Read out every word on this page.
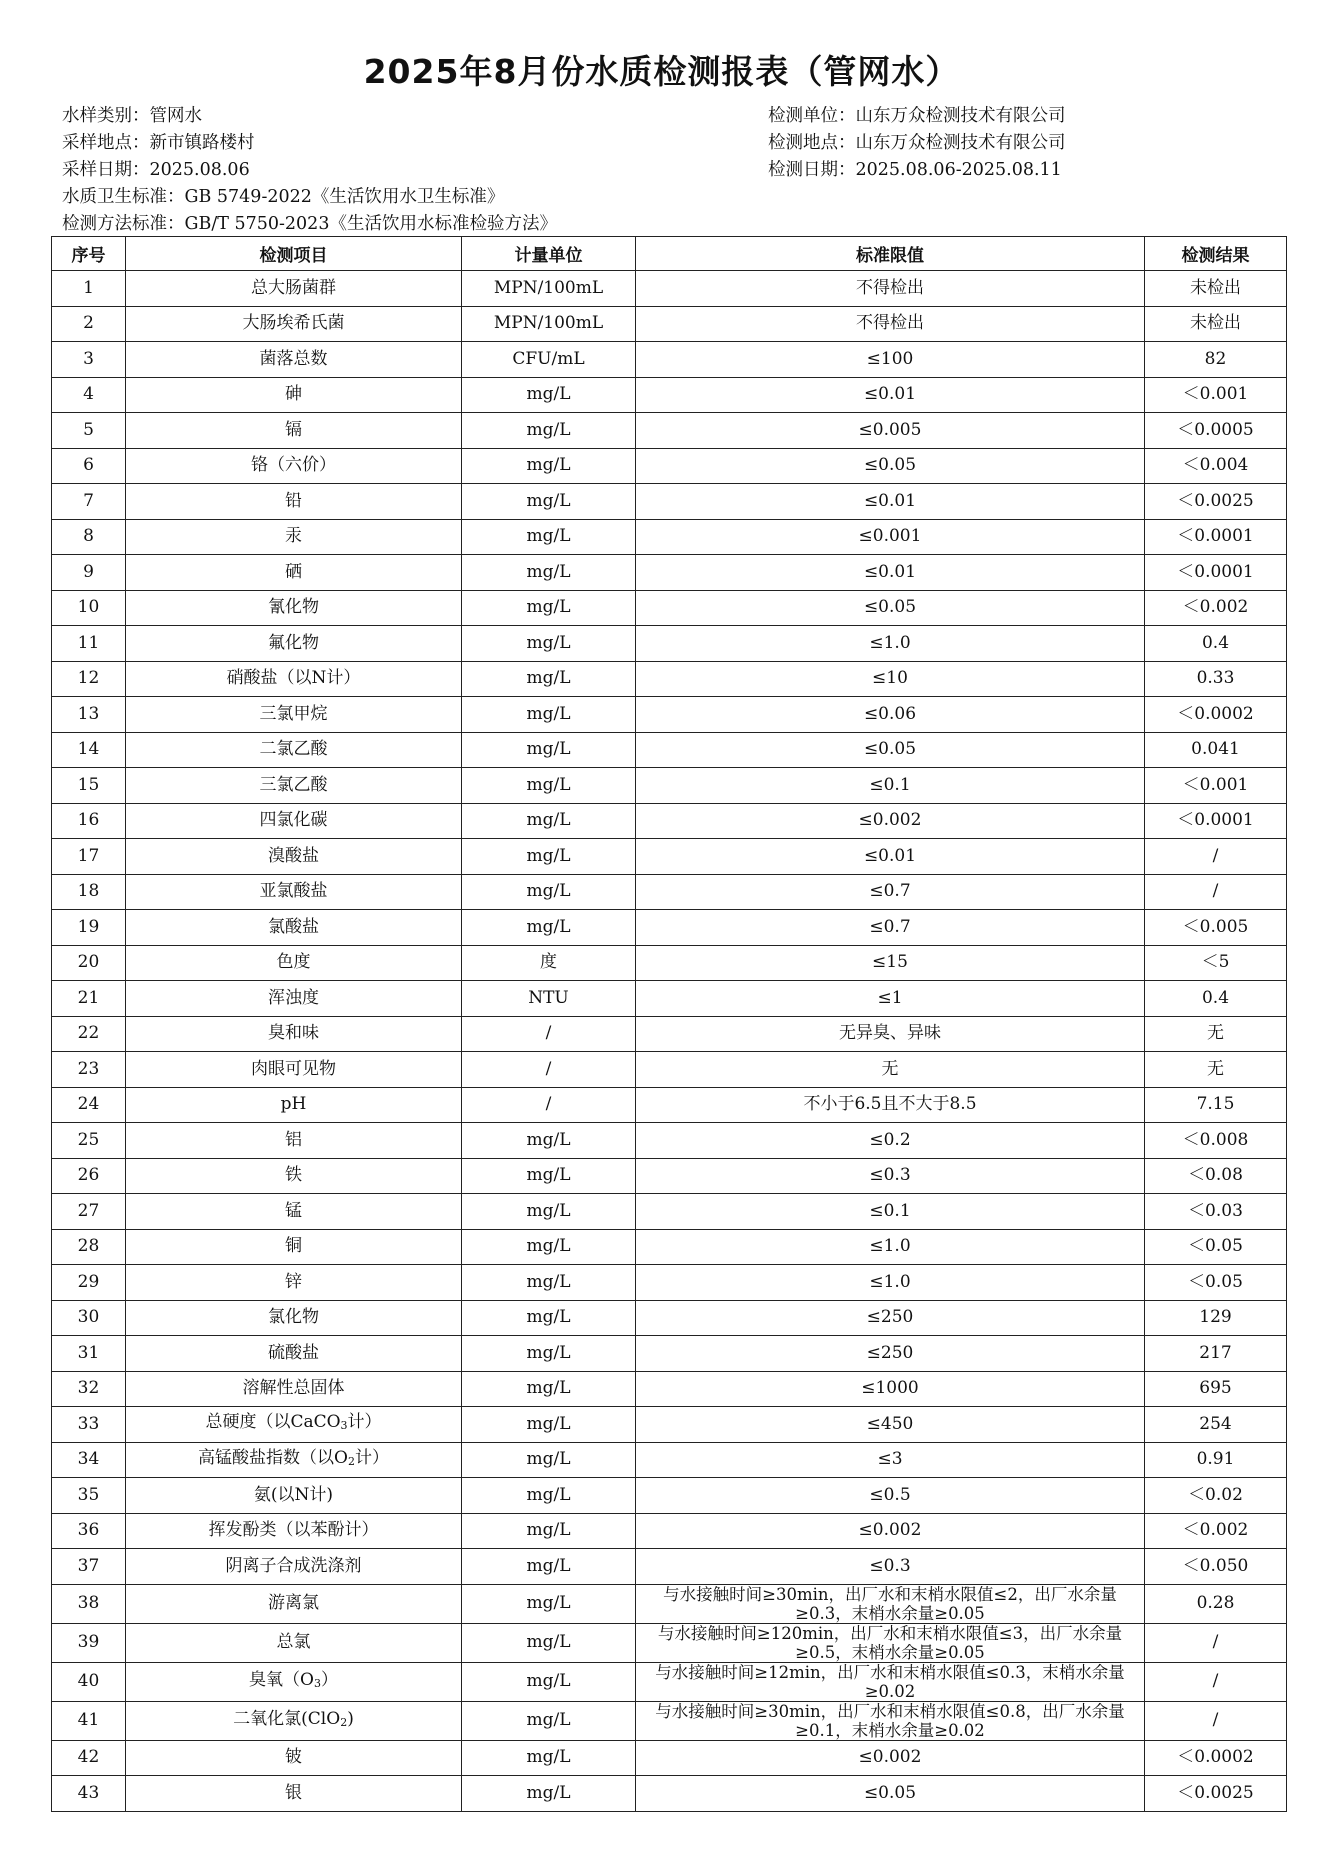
2025年8月份水质检测报表（管网水）
水样类别：管网水
采样地点：新市镇路楼村
采样日期：2025.08.06
水质卫生标准：GB 5749-2022《生活饮用水卫生标准》
检测方法标准：GB/T 5750-2023《生活饮用水标准检验方法》
检测单位：山东万众检测技术有限公司
检测地点：山东万众检测技术有限公司
检测日期：2025.08.06-2025.08.11
序号	检测项目	计量单位	标准限值	检测结果
1	总大肠菌群	MPN/100mL	不得检出	未检出
2	大肠埃希氏菌	MPN/100mL	不得检出	未检出
3	菌落总数	CFU/mL	≤100	82
4	砷	mg/L	≤0.01	＜0.001
5	镉	mg/L	≤0.005	＜0.0005
6	铬（六价）	mg/L	≤0.05	＜0.004
7	铅	mg/L	≤0.01	＜0.0025
8	汞	mg/L	≤0.001	＜0.0001
9	硒	mg/L	≤0.01	＜0.0001
10	氰化物	mg/L	≤0.05	＜0.002
11	氟化物	mg/L	≤1.0	0.4
12	硝酸盐（以N计）	mg/L	≤10	0.33
13	三氯甲烷	mg/L	≤0.06	＜0.0002
14	二氯乙酸	mg/L	≤0.05	0.041
15	三氯乙酸	mg/L	≤0.1	＜0.001
16	四氯化碳	mg/L	≤0.002	＜0.0001
17	溴酸盐	mg/L	≤0.01	/
18	亚氯酸盐	mg/L	≤0.7	/
19	氯酸盐	mg/L	≤0.7	＜0.005
20	色度	度	≤15	＜5
21	浑浊度	NTU	≤1	0.4
22	臭和味	/	无异臭、异味	无
23	肉眼可见物	/	无	无
24	pH	/	不小于6.5且不大于8.5	7.15
25	铝	mg/L	≤0.2	＜0.008
26	铁	mg/L	≤0.3	＜0.08
27	锰	mg/L	≤0.1	＜0.03
28	铜	mg/L	≤1.0	＜0.05
29	锌	mg/L	≤1.0	＜0.05
30	氯化物	mg/L	≤250	129
31	硫酸盐	mg/L	≤250	217
32	溶解性总固体	mg/L	≤1000	695
33	总硬度（以CaCO$_3$计）	mg/L	≤450	254
34	高锰酸盐指数（以$O_2$计）	mg/L	≤3	0.91
35	氨(以N计)	mg/L	≤0.5	＜0.02
36	挥发酚类（以苯酚计）	mg/L	≤0.002	＜0.002
37	阴离子合成洗涤剂	mg/L	≤0.3	＜0.050
38	游离氯	mg/L	与水接触时间≥30min，出厂水和末梢水限值≤2，出厂水余量≥0.3，末梢水余量≥0.05	0.28
39	总氯	mg/L	与水接触时间≥120min，出厂水和末梢水限值≤3，出厂水余量≥0.5，末梢水余量≥0.05	/
40	臭氧$(O_3)$	mg/L	与水接触时间≥12min，出厂水和末梢水限值≤0.3，末梢水余量≥0.02	/
41	二氧化氯(ClO$_2$)	mg/L	与水接触时间≥30min，出厂水和末梢水限值≤0.8，出厂水余量≥0.1，末梢水余量≥0.02	/
42	铍	mg/L	≤0.002	＜0.0002
43	银	mg/L	≤0.05	＜0.0025
